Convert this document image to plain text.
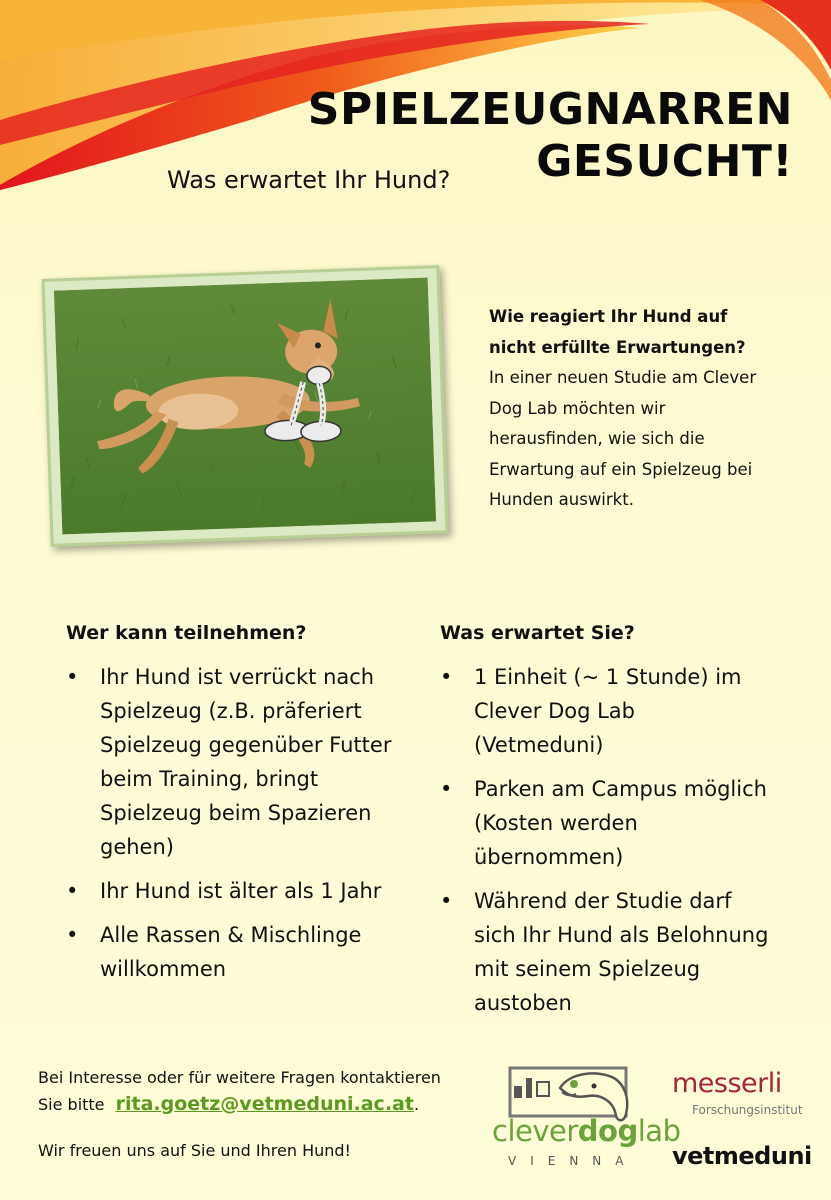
SPIELZEUGNARREN
GESUCHT!
Was erwartet Ihr Hund?
Wie reagiert Ihr Hund auf nicht erfüllte Erwartungen?
In einer neuen Studie am Clever Dog Lab möchten wir herausfinden, wie sich die Erwartung auf ein Spielzeug bei Hunden auswirkt.
Wer kann teilnehmen?
• Ihr Hund ist verrückt nach Spielzeug (z.B. präferiert Spielzeug gegenüber Futter beim Training, bringt Spielzeug beim Spazieren gehen)
• Ihr Hund ist älter als 1 Jahr
• Alle Rassen & Mischlinge willkommen
Was erwartet Sie?
• 1 Einheit (~ 1 Stunde) im Clever Dog Lab (Vetmeduni)
• Parken am Campus möglich (Kosten werden übernommen)
• Während der Studie darf sich Ihr Hund als Belohnung mit seinem Spielzeug austoben
Bei Interesse oder für weitere Fragen kontaktieren
Sie bitte rita.goetz@vetmeduni.ac.at.
Wir freuen uns auf Sie und Ihren Hund!
cleverdoglab
VIENNA
messerli
Forschungsinstitut
vetmeduni
